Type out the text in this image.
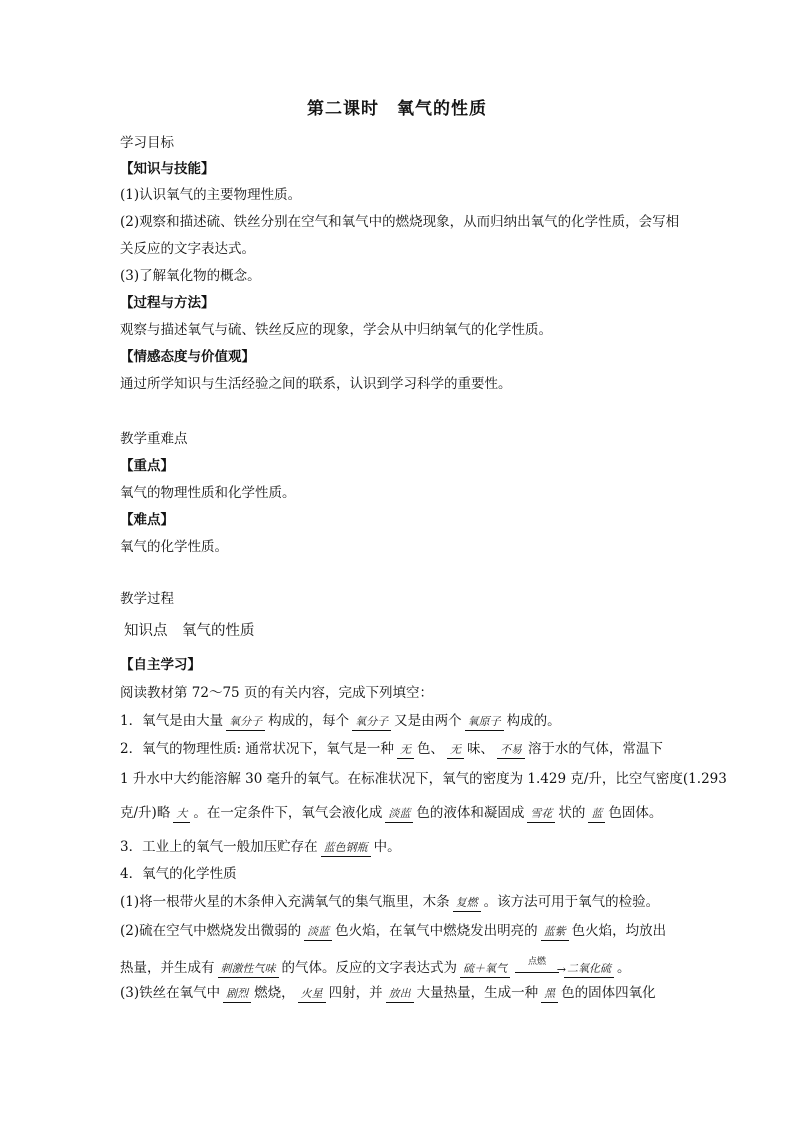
第二课时　氧气的性质
学习目标
【知识与技能】
(1)认识氧气的主要物理性质。
(2)观察和描述硫、铁丝分别在空气和氧气中的燃烧现象，从而归纳出氧气的化学性质，会写相
关反应的文字表达式。
(3)了解氧化物的概念。
【过程与方法】
观察与描述氧气与硫、铁丝反应的现象，学会从中归纳氧气的化学性质。
【情感态度与价值观】
通过所学知识与生活经验之间的联系，认识到学习科学的重要性。
教学重难点
【重点】
氧气的物理性质和化学性质。
【难点】
氧气的化学性质。
教学过程
知识点　氧气的性质
【自主学习】
阅读教材第 72～75 页的有关内容，完成下列填空：
1．氧气是由大量 氧分子 构成的，每个 氧分子 又是由两个 氧原子 构成的。
2．氧气的物理性质: 通常状况下，氧气是一种 无 色、 无 味、 不易 溶于水的气体，常温下
1 升水中大约能溶解 30 毫升的氧气。在标准状况下，氧气的密度为 1.429 克/升，比空气密度(1.293
克/升)略 大 。在一定条件下，氧气会液化成 淡蓝 色的液体和凝固成 雪花 状的 蓝 色固体。
3．工业上的氧气一般加压贮存在 蓝色钢瓶 中。
4．氧气的化学性质
(1)将一根带火星的木条伸入充满氧气的集气瓶里，木条 复燃 。该方法可用于氧气的检验。
(2)硫在空气中燃烧发出微弱的 淡蓝 色火焰，在氧气中燃烧发出明亮的 蓝紫 色火焰，均放出
热量，并生成有 刺激性气味 的气体。反应的文字表达式为 硫＋氧气 点燃
→ 二氧化硫 。
(3)铁丝在氧气中 剧烈 燃烧， 火星 四射，并 放出 大量热量，生成一种 黑 色的固体四氧化
